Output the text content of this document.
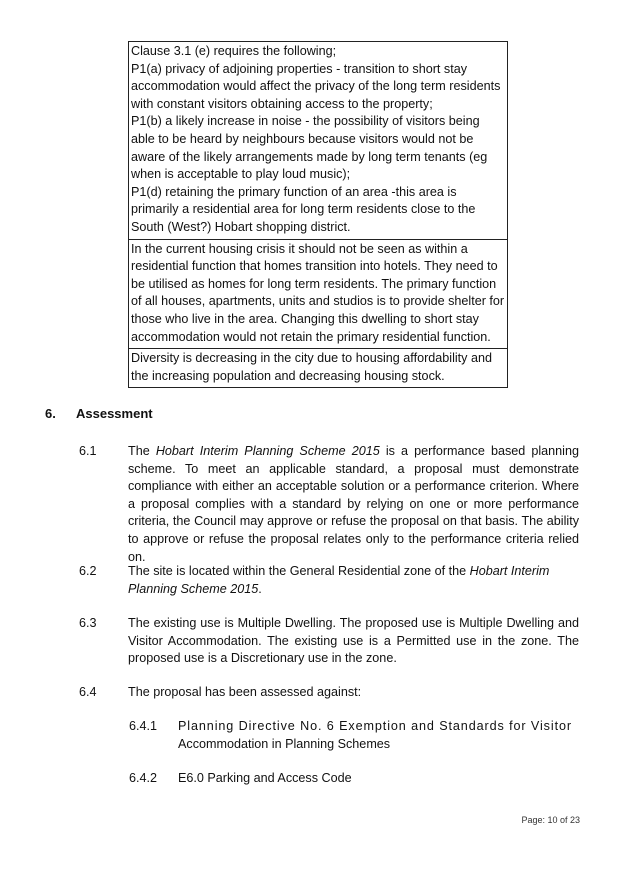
Clause 3.1 (e) requires the following;

P1(a) privacy of adjoining properties - transition to short stay accommodation would affect the privacy of the long term residents with constant visitors obtaining access to the property;

P1(b) a likely increase in noise - the possibility of visitors being able to be heard by neighbours because visitors would not be aware of the likely arrangements made by long term tenants (eg when is acceptable to play loud music);

P1(d) retaining the primary function of an area -this area is primarily a residential area for long term residents close to the South (West?) Hobart shopping district.

In the current housing crisis it should not be seen as within a residential function that homes transition into hotels. They need to be utilised as homes for long term residents. The primary function of all houses, apartments, units and studios is to provide shelter for those who live in the area. Changing this dwelling to short stay accommodation would not retain the primary residential function.

Diversity is decreasing in the city due to housing affordability and the increasing population and decreasing housing stock.

6. Assessment
6.1 The Hobart Interim Planning Scheme 2015 is a performance based planning scheme. To meet an applicable standard, a proposal must demonstrate compliance with either an acceptable solution or a performance criterion. Where a proposal complies with a standard by relying on one or more performance criteria, the Council may approve or refuse the proposal on that basis. The ability to approve or refuse the proposal relates only to the performance criteria relied on.
6.2 The site is located within the General Residential zone of the Hobart Interim Planning Scheme 2015.
6.3 The existing use is Multiple Dwelling. The proposed use is Multiple Dwelling and Visitor Accommodation. The existing use is a Permitted use in the zone. The proposed use is a Discretionary use in the zone.
6.4 The proposal has been assessed against:
6.4.1 Planning Directive No. 6 Exemption and Standards for Visitor
Accommodation in Planning Schemes
6.4.2 E6.0 Parking and Access Code
Page: 10 of 23
